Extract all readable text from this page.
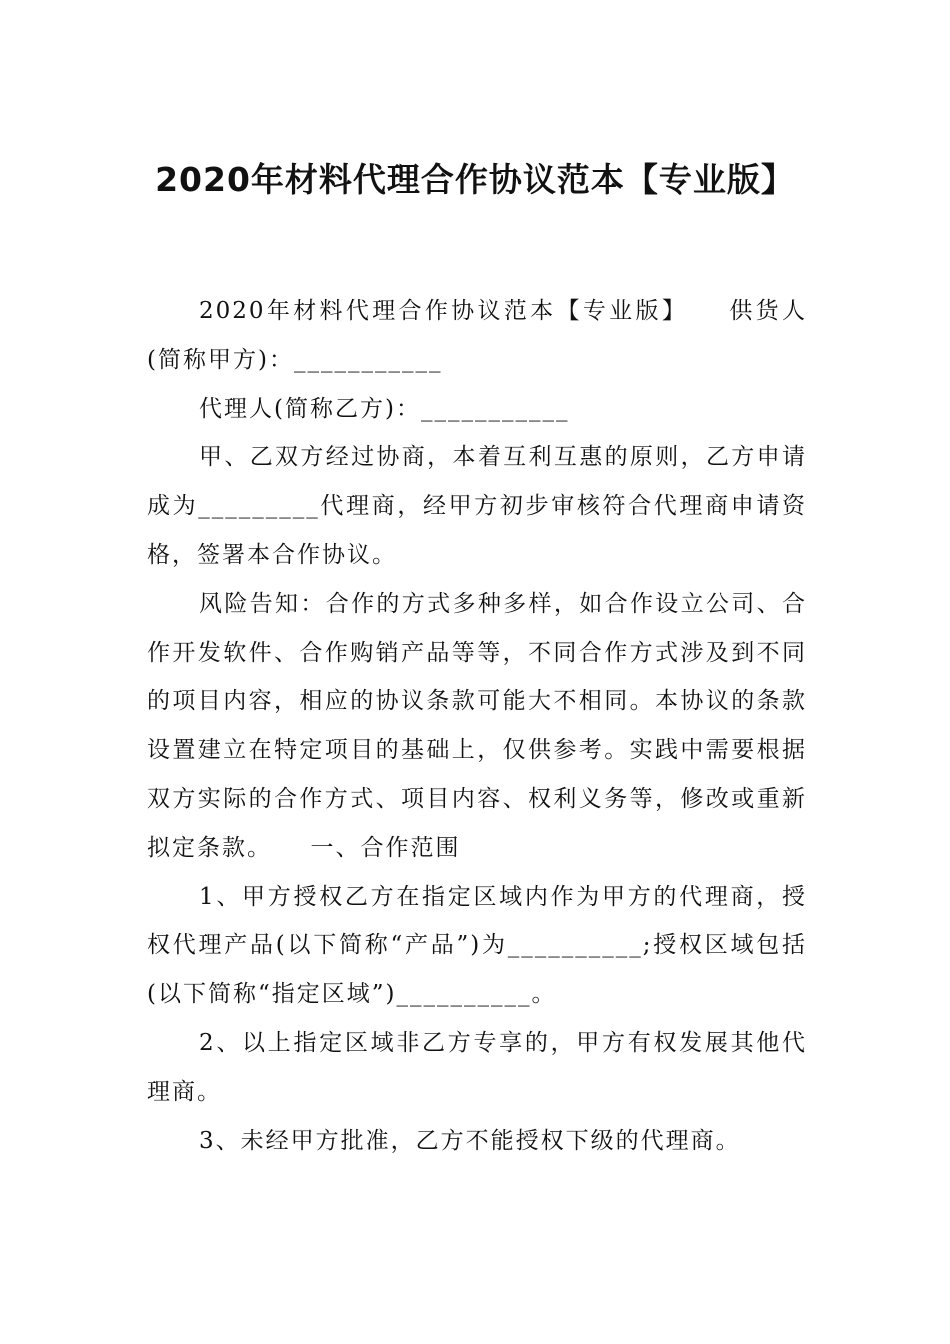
2020年材料代理合作协议范本【专业版】

2020年材料代理合作协议范本【专业版】　　供货人(简称甲方)：___________

代理人(简称乙方)：___________

甲、乙双方经过协商，本着互利互惠的原则，乙方申请成为_________代理商，经甲方初步审核符合代理商申请资格，签署本合作协议。

风险告知：合作的方式多种多样，如合作设立公司、合作开发软件、合作购销产品等等，不同合作方式涉及到不同的项目内容，相应的协议条款可能大不相同。本协议的条款设置建立在特定项目的基础上，仅供参考。实践中需要根据双方实际的合作方式、项目内容、权利义务等，修改或重新拟定条款。　　一、合作范围

1、甲方授权乙方在指定区域内作为甲方的代理商，授权代理产品(以下简称“产品”)为__________;授权区域包括(以下简称“指定区域”)__________。

2、以上指定区域非乙方专享的，甲方有权发展其他代理商。

3、未经甲方批准，乙方不能授权下级的代理商。
